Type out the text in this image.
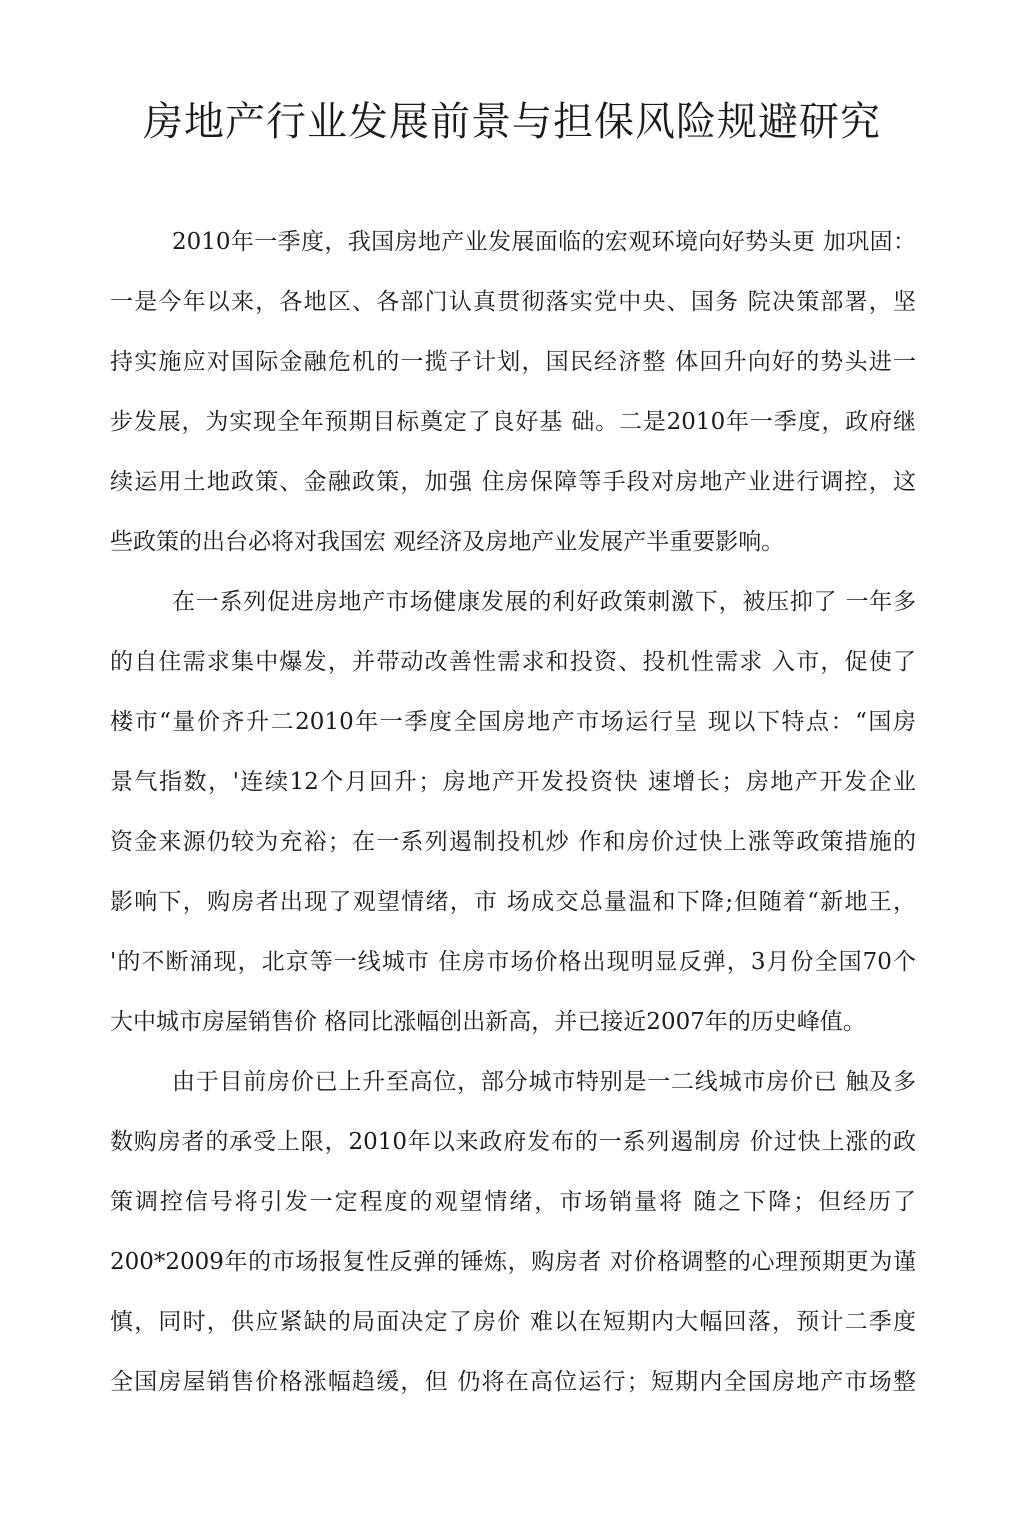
房地产行业发展前景与担保风险规避研究
2010年一季度，我国房地产业发展面临的宏观环境向好势头更 加巩固：
一是今年以来，各地区、各部门认真贯彻落实党中央、国务 院决策部署，坚
持实施应对国际金融危机的一揽子计划，国民经济整 体回升向好的势头进一
步发展，为实现全年预期目标奠定了良好基 础。二是2010年一季度，政府继
续运用土地政策、金融政策，加强 住房保障等手段对房地产业进行调控，这
些政策的出台必将对我国宏 观经济及房地产业发展产半重要影响。
在一系列促进房地产市场健康发展的利好政策刺激下，被压抑了 一年多
的自住需求集中爆发，并带动改善性需求和投资、投机性需求 入市，促使了
楼市“量价齐升二2010年一季度全国房地产市场运行呈 现以下特点：“国房
景气指数，'连续12个月回升；房地产开发投资快 速增长；房地产开发企业
资金来源仍较为充裕；在一系列遏制投机炒 作和房价过快上涨等政策措施的
影响下，购房者出现了观望情绪，市 场成交总量温和下降;但随着“新地王，
'的不断涌现，北京等一线城市 住房市场价格出现明显反弹，3月份全国70个
大中城市房屋销售价 格同比涨幅创出新高，并已接近2007年的历史峰值。
由于目前房价已上升至高位，部分城市特别是一二线城市房价已 触及多
数购房者的承受上限，2010年以来政府发布的一系列遏制房 价过快上涨的政
策调控信号将引发一定程度的观望情绪，市场销量将 随之下降；但经历了
200*2009年的市场报复性反弹的锤炼，购房者 对价格调整的心理预期更为谨
慎，同时，供应紧缺的局面决定了房价 难以在短期内大幅回落，预计二季度
全国房屋销售价格涨幅趋缓，但 仍将在高位运行；短期内全国房地产市场整
